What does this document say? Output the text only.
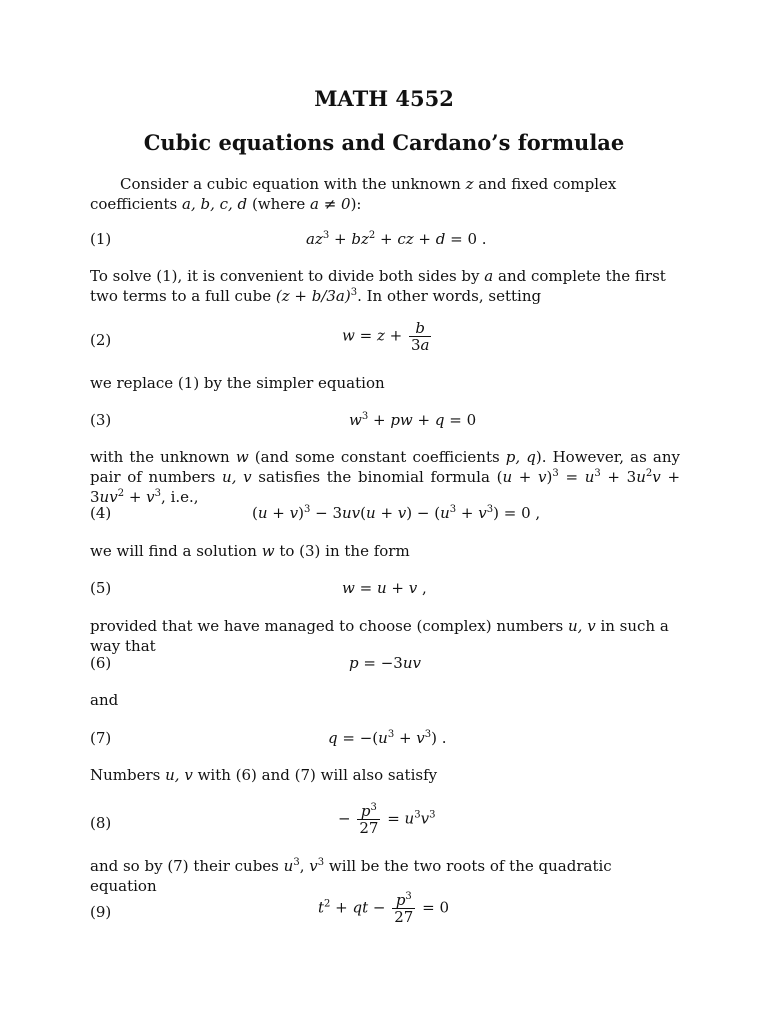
MATH 4552
Cubic equations and Cardano’s formulae

Consider a cubic equation with the unknown z and fixed complex coefficients a, b, c, d (where a ≠ 0):

(1)	$az^3 + bz^2$ + cz + d = 0 .

To solve (1), it is convenient to divide both sides by a and complete the first two terms to a full cube $(z + b/3a)^3$. In other words, setting

(2)	$w = z + \frac{b}{3a}$

we replace (1) by the simpler equation

(3)	$w^3$ + pw + q = 0

with the unknown w (and some constant coefficients p, q). However, as any pair of numbers u, v satisfies the binomial formula $(u + v)^3 = u^3 + 3u^2v + 3uv^2 + v^3$, i.e.,

(4)	$(u + v)^3 - 3uv(u + v) - (u^3 + v^3) = 0$ ,

we will find a solution w to (3) in the form

(5)	w = u + v ,

provided that we have managed to choose (complex) numbers u, v in such a way that

(6)	p = −3uv

and

(7)	$q = -(u^3 + v^3)$ .

Numbers u, v with (6) and (7) will also satisfy

(8)	− $\frac{p^3}{27} = u^3v^3$

and so by (7) their cubes $u^3$, $v^3$ will be the two roots of the quadratic equation

(9)	$t^2$ + qt − $\frac{p^3}{27} = 0$
